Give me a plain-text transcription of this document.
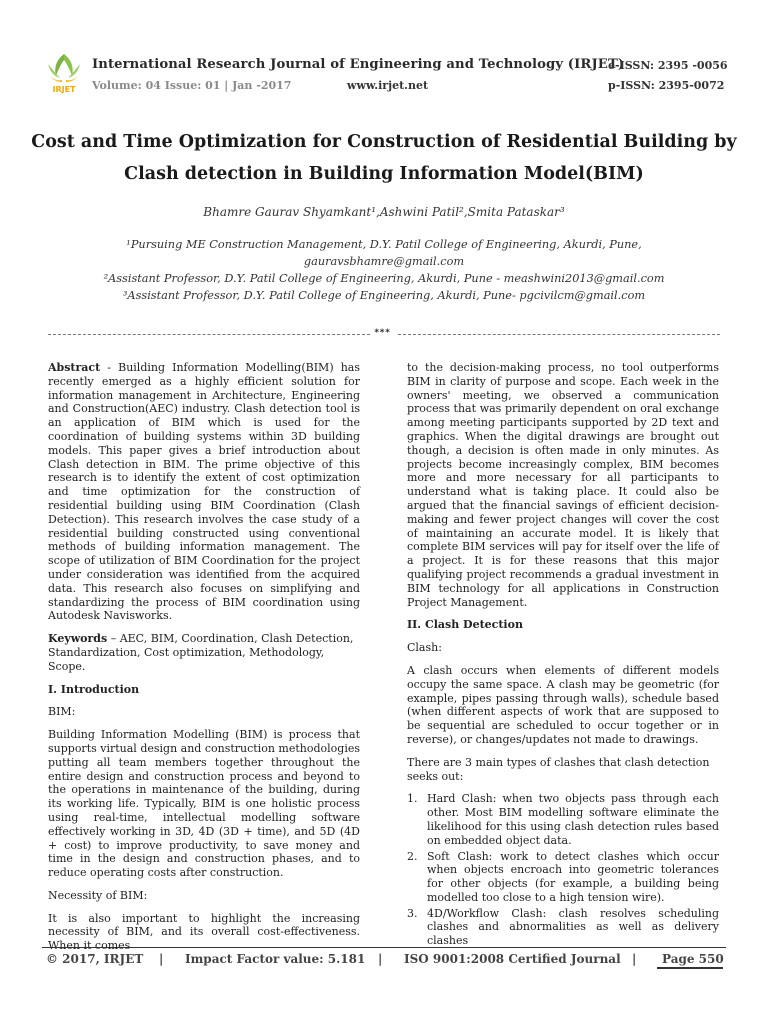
IRJET
International Research Journal of Engineering and Technology (IRJET)
Volume: 04 Issue: 01 | Jan -2017	www.irjet.net
e-ISSN: 2395 -0056
p-ISSN: 2395-0072
Cost and Time Optimization for Construction of Residential Building by
Clash detection in Building Information Model(BIM)
Bhamre Gaurav Shyamkant¹,Ashwini Patil²,Smita Pataskar³
¹Pursuing ME Construction Management, D.Y. Patil College of Engineering, Akurdi, Pune,
gauravsbhamre@gmail.com
²Assistant Professor, D.Y. Patil College of Engineering, Akurdi, Pune - meashwini2013@gmail.com
³Assistant Professor, D.Y. Patil College of Engineering, Akurdi, Pune- pgcivilcm@gmail.com
***

Abstract - Building Information Modelling(BIM) has recently emerged as a highly efficient solution for information management in Architecture, Engineering and Construction(AEC) industry. Clash detection tool is an application of BIM which is used for the coordination of building systems within 3D building models. This paper gives a brief introduction about Clash detection in BIM. The prime objective of this research is to identify the extent of cost optimization and time optimization for the construction of residential building using BIM Coordination (Clash Detection). This research involves the case study of a residential building constructed using conventional methods of building information management. The scope of utilization of BIM Coordination for the project under consideration was identified from the acquired data. This research also focuses on simplifying and standardizing the process of BIM coordination using Autodesk Navisworks.

Keywords – AEC, BIM, Coordination, Clash Detection, Standardization, Cost optimization, Methodology, Scope.

I. Introduction
BIM:

Building Information Modelling (BIM) is process that supports virtual design and construction methodologies putting all team members together throughout the entire design and construction process and beyond to the operations in maintenance of the building, during its working life. Typically, BIM is one holistic process using real-time, intellectual modelling software effectively working in 3D, 4D (3D + time), and 5D (4D + cost) to improve productivity, to save money and time in the design and construction phases, and to reduce operating costs after construction.

Necessity of BIM:

It is also important to highlight the increasing necessity of BIM, and its overall cost-effectiveness. When it comes

to the decision-making process, no tool outperforms BIM in clarity of purpose and scope. Each week in the owners' meeting, we observed a communication process that was primarily dependent on oral exchange among meeting participants supported by 2D text and graphics. When the digital drawings are brought out though, a decision is often made in only minutes. As projects become increasingly complex, BIM becomes more and more necessary for all participants to understand what is taking place. It could also be argued that the financial savings of efficient decision-making and fewer project changes will cover the cost of maintaining an accurate model. It is likely that complete BIM services will pay for itself over the life of a project. It is for these reasons that this major qualifying project recommends a gradual investment in BIM technology for all applications in Construction Project Management.

II. Clash Detection
Clash:

A clash occurs when elements of different models occupy the same space. A clash may be geometric (for example, pipes passing through walls), schedule based (when different aspects of work that are supposed to be sequential are scheduled to occur together or in reverse), or changes/updates not made to drawings.

There are 3 main types of clashes that clash detection seeks out:

1. Hard Clash: when two objects pass through each other. Most BIM modelling software eliminate the likelihood for this using clash detection rules based on embedded object data.
2. Soft Clash: work to detect clashes which occur when objects encroach into geometric tolerances for other objects (for example, a building being modelled too close to a high tension wire).
3. 4D/Workflow Clash: clash resolves scheduling clashes and abnormalities as well as delivery clashes
© 2017, IRJET | Impact Factor value: 5.181 | ISO 9001:2008 Certified Journal | Page 550
